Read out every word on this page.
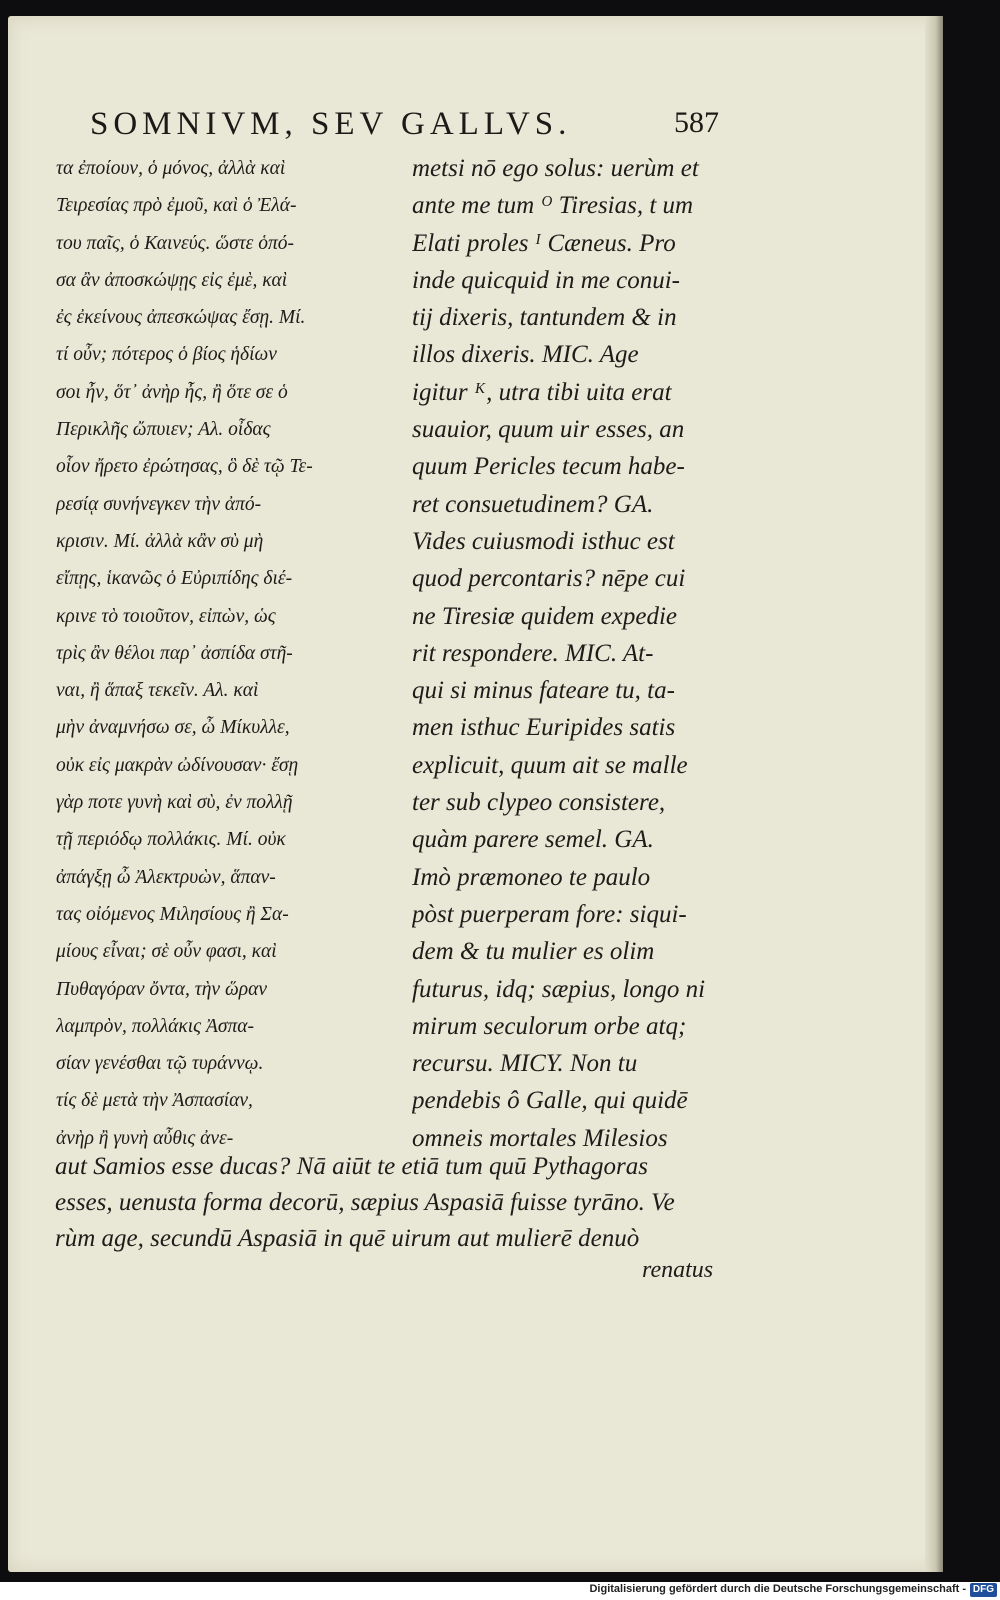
SOMNIVM, SEV GALLVS.	587
τα ἐποίουν, ὁ μόνος, ἀλλὰ καὶ
Τειρεσίας πρὸ ἐμοῦ, καὶ ὁ Ἐλά-
του παῖς, ὁ Καινεύς. ὥστε ὁπό-
σα ἂν ἀποσκώψῃς εἰς ἐμὲ, καὶ
ἐς ἐκείνους ἀπεσκώψας ἔσῃ. Μί.
τί οὖν; πότερος ὁ βίος ἡδίων
σοι ἦν, ὅτ᾽ ἀνὴρ ἦς, ἢ ὅτε σε ὁ
Περικλῆς ὤπυιεν; Αλ. οἶδας
οἷον ἤρετο ἐρώτησας, ὃ δὲ τῷ Τε-
ρεσίᾳ συνήνεγκεν τὴν ἀπό-
κρισιν. Μί. ἀλλὰ κἂν σὺ μὴ
εἴπῃς, ἱκανῶς ὁ Εὐριπίδης διέ-
κρινε τὸ τοιοῦτον, εἰπὼν, ὡς
τρὶς ἂν θέλοι παρ᾽ ἀσπίδα στῆ-
ναι, ἢ ἅπαξ τεκεῖν. Αλ. καὶ
μὴν ἀναμνήσω σε, ὦ Μίκυλλε,
οὐκ εἰς μακρὰν ὠδίνουσαν· ἔσῃ
γὰρ ποτε γυνὴ καὶ σὺ, ἐν πολλῇ
τῇ περιόδῳ πολλάκις. Μί. οὐκ
ἀπάγξῃ ὦ Ἀλεκτρυὼν, ἅπαν-
τας οἰόμενος Μιλησίους ἢ Σα-
μίους εἶναι; σὲ οὖν φασι, καὶ
Πυθαγόραν ὄντα, τὴν ὥραν
λαμπρὸν, πολλάκις Ἀσπα-
σίαν γενέσθαι τῷ τυράννῳ.
τίς δὲ μετὰ τὴν Ἀσπασίαν,
ἀνὴρ ἢ γυνὴ αὖθις ἀνε-
metsi nō ego solus: uerùm et
ante me tum ᴼ Tiresias, t um
Elati proles ᴵ Cæneus. Pro
inde quicquid in me conui-
tij dixeris, tantundem & in
illos dixeris. MIC. Age
igitur ᴷ, utra tibi uita erat
suauior, quum uir esses, an
quum Pericles tecum habe-
ret consuetudinem? GA.
Vides cuiusmodi isthuc est
quod percontaris? nēpe cui
ne Tiresiæ quidem expedie
rit respondere. MIC. At-
qui si minus fateare tu, ta-
men isthuc Euripides satis
explicuit, quum ait se malle
ter sub clypeo consistere,
quàm parere semel. GA.
Imò præmoneo te paulo
pòst puerperam fore: siqui-
dem & tu mulier es olim
futurus, idq; sæpius, longo ni
mirum seculorum orbe atq;
recursu. MICY. Non tu
pendebis ô Galle, qui quidē
omneis mortales Milesios
aut Samios esse ducas? Nā aiūt te etiā tum quū Pythagoras
esses, uenusta forma decorū, sæpius Aspasiā fuisse tyrāno. Ve
rùm age, secundū Aspasiā in quē uirum aut mulierē denuò
renatus
Digitalisierung gefördert durch die Deutsche Forschungsgemeinschaft - DFG
